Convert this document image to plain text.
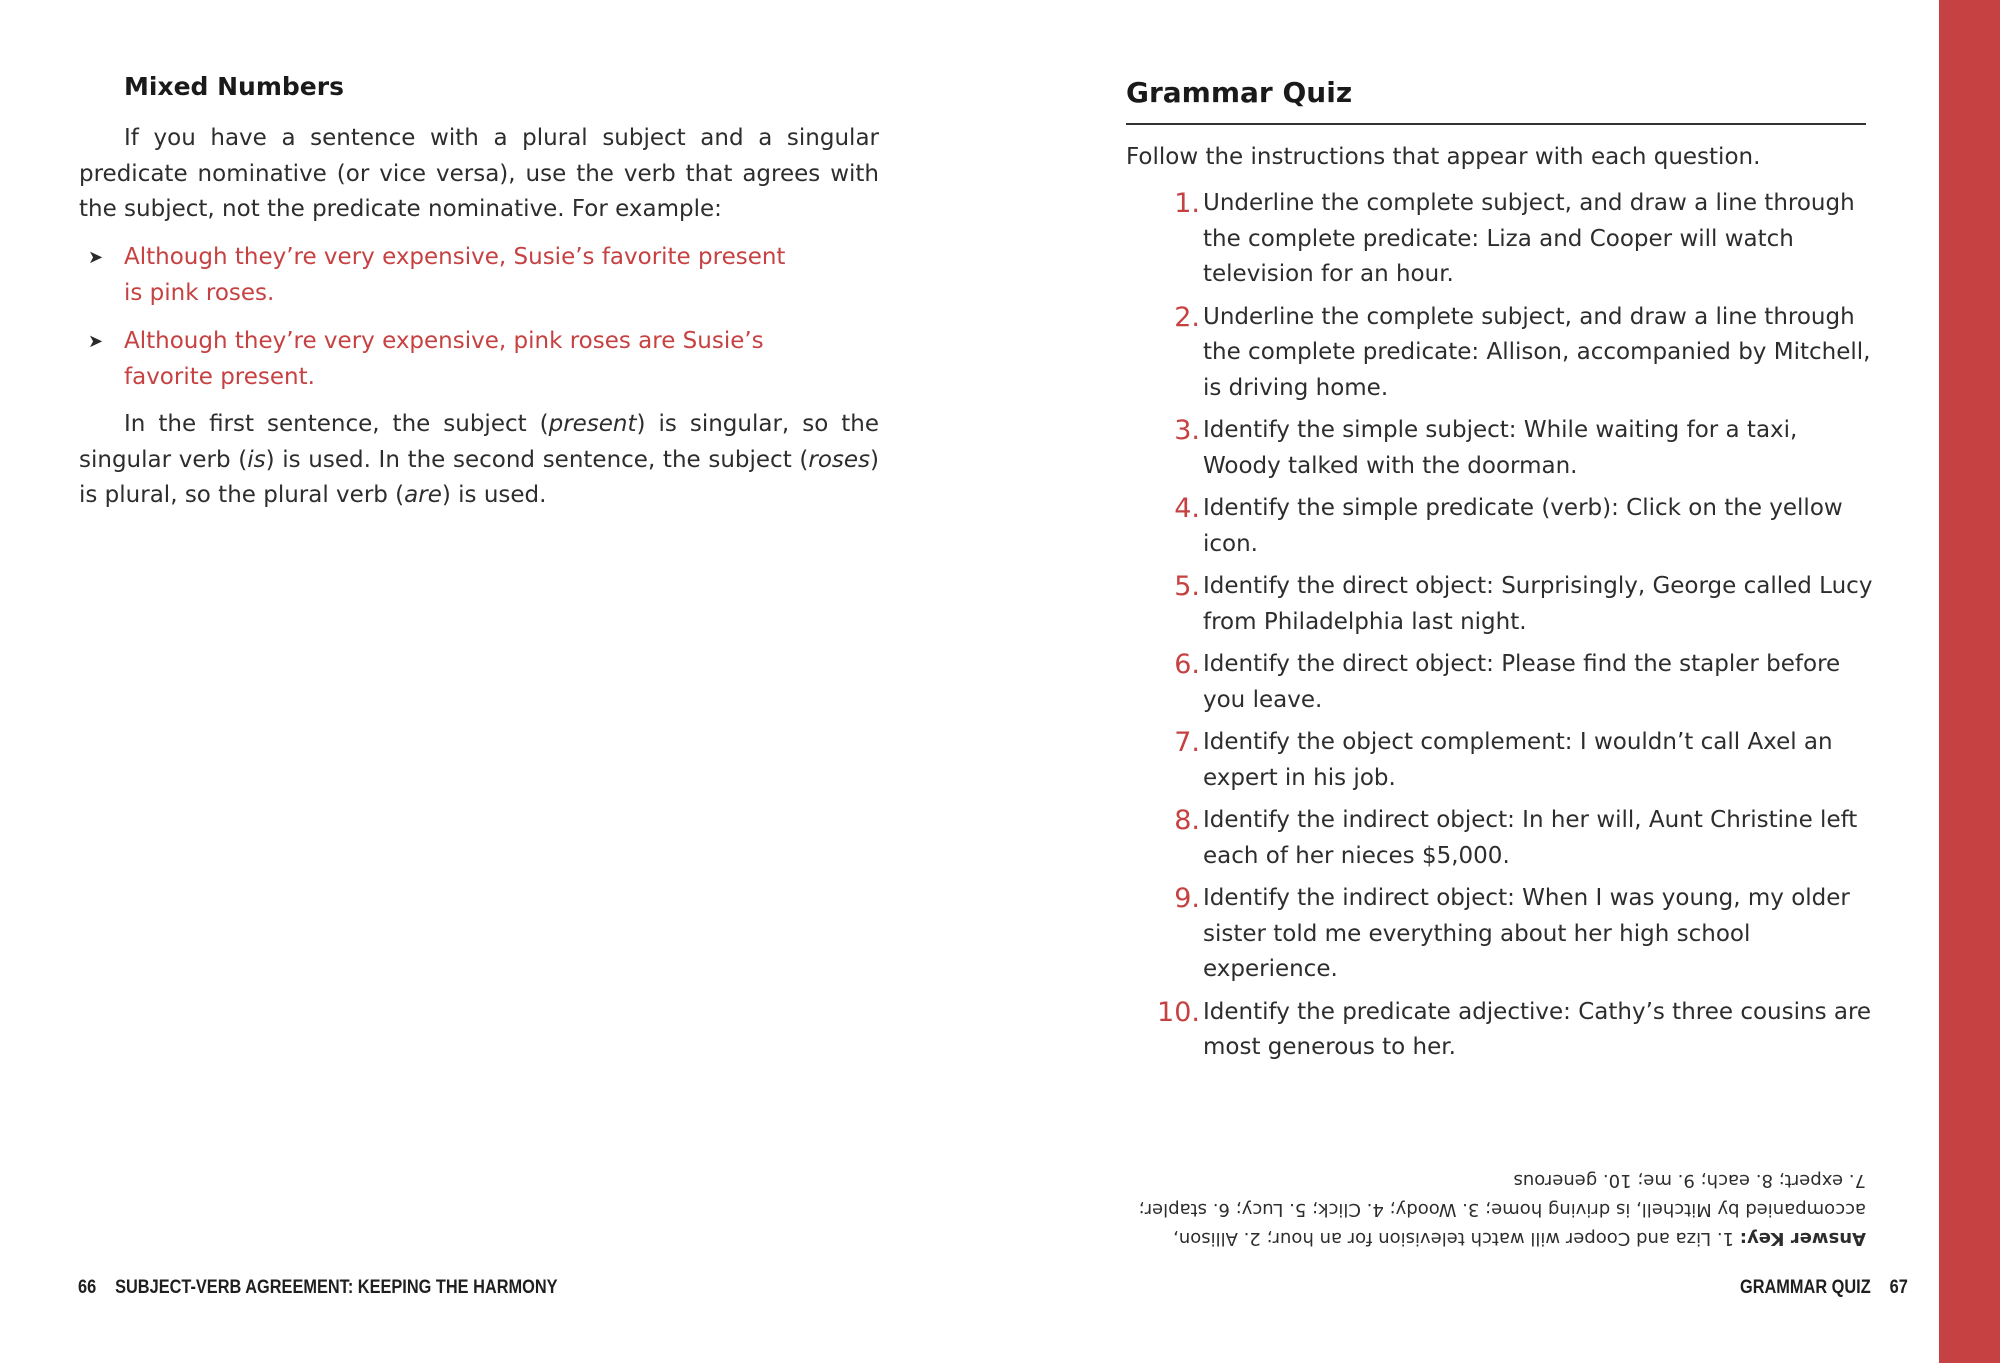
Mixed Numbers

If you have a sentence with a plural subject and a singular predicate nominative (or vice versa), use the verb that agrees with the subject, not the predicate nominative. For example:

➤ Although they’re very expensive, Susie’s favorite present is pink roses.
➤ Although they’re very expensive, pink roses are Susie’s favorite present.

In the first sentence, the subject (present) is singular, so the singular verb (is) is used. In the second sentence, the subject (roses) is plural, so the plural verb (are) is used.

66 SUBJECT-VERB AGREEMENT: KEEPING THE HARMONY
Grammar Quiz
Follow the instructions that appear with each question.
1. Underline the complete subject, and draw a line through the complete predicate: Liza and Cooper will watch television for an hour.
2. Underline the complete subject, and draw a line through the complete predicate: Allison, accompanied by Mitchell, is driving home.
3. Identify the simple subject: While waiting for a taxi, Woody talked with the doorman.
4. Identify the simple predicate (verb): Click on the yellow icon.
5. Identify the direct object: Surprisingly, George called Lucy from Philadelphia last night.
6. Identify the direct object: Please find the stapler before you leave.
7. Identify the object complement: I wouldn’t call Axel an expert in his job.
8. Identify the indirect object: In her will, Aunt Christine left each of her nieces $5,000.
9. Identify the indirect object: When I was young, my older sister told me everything about her high school experience.
10. Identify the predicate adjective: Cathy’s three cousins are most generous to her.
Answer Key: 1. Liza and Cooper will watch television for an hour; 2. Allison, accompanied by Mitchell, is driving home; 3. Woody; 4. Click; 5. Lucy; 6. stapler; 7. expert; 8. each; 9. me; 10. generous
GRAMMAR QUIZ 67
